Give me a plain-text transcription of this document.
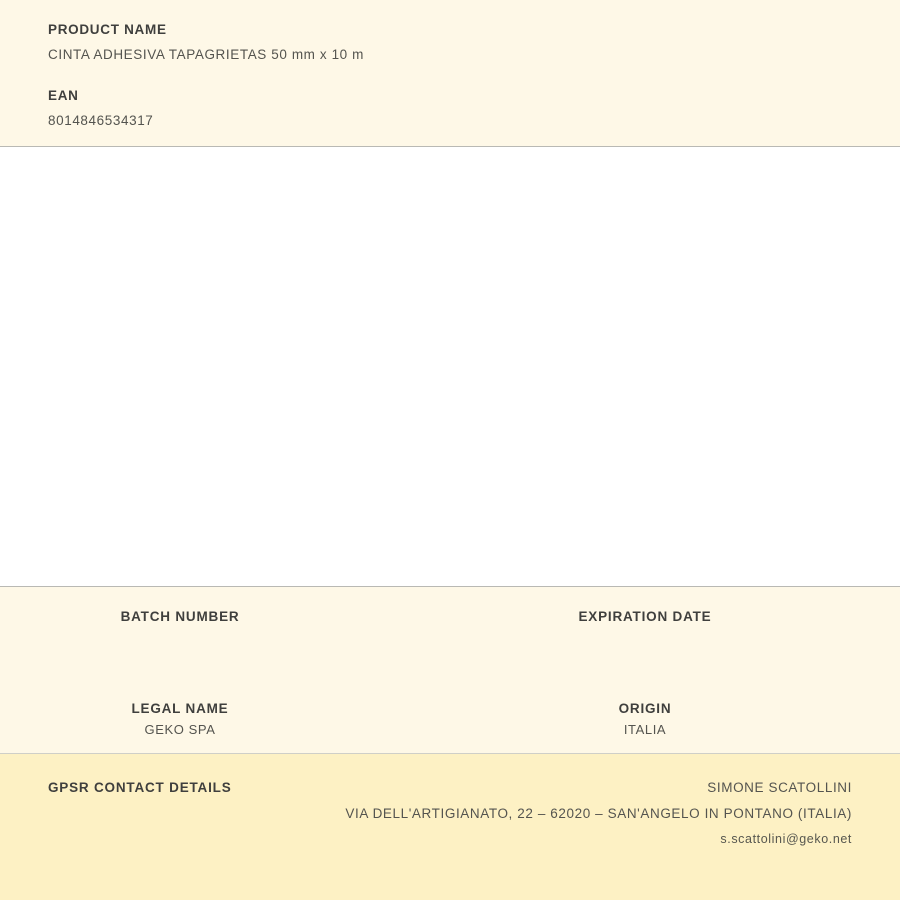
PRODUCT NAME

CINTA ADHESIVA TAPAGRIETAS 50 mm x 10 m

EAN

8014846534317

BATCH NUMBER	EXPIRATION DATE

LEGAL NAME

GEKO SPA

ORIGIN

ITALIA

GPSR CONTACT DETAILS	SIMONE SCATOLLINI

VIA DELL'ARTIGIANATO, 22 – 62020 – SAN'ANGELO IN PONTANO (ITALIA)

s.scattolini@geko.net
